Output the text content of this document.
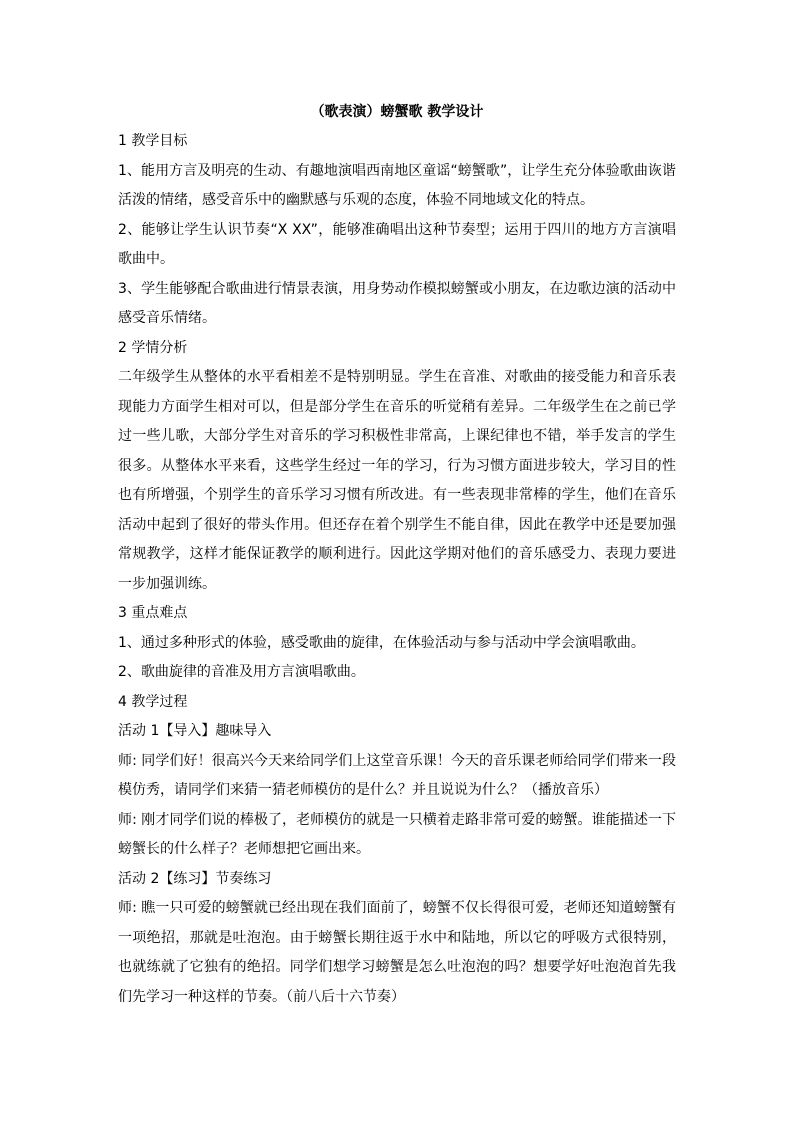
（歌表演）螃蟹歌 教学设计
1 教学目标
1、能用方言及明亮的生动、有趣地演唱西南地区童谣“螃蟹歌”，让学生充分体验歌曲诙谐活泼的情绪，感受音乐中的幽默感与乐观的态度，体验不同地域文化的特点。
2、能够让学生认识节奏“X XX”，能够准确唱出这种节奏型；运用于四川的地方方言演唱歌曲中。
3、学生能够配合歌曲进行情景表演，用身势动作模拟螃蟹或小朋友，在边歌边演的活动中感受音乐情绪。
2 学情分析
二年级学生从整体的水平看相差不是特别明显。学生在音准、对歌曲的接受能力和音乐表现能力方面学生相对可以，但是部分学生在音乐的听觉稍有差异。二年级学生在之前已学过一些儿歌，大部分学生对音乐的学习积极性非常高，上课纪律也不错，举手发言的学生很多。从整体水平来看，这些学生经过一年的学习，行为习惯方面进步较大，学习目的性也有所增强，个别学生的音乐学习习惯有所改进。有一些表现非常棒的学生，他们在音乐活动中起到了很好的带头作用。但还存在着个别学生不能自律，因此在教学中还是要加强常规教学，这样才能保证教学的顺利进行。因此这学期对他们的音乐感受力、表现力要进一步加强训练。
3 重点难点
1、通过多种形式的体验，感受歌曲的旋律，在体验活动与参与活动中学会演唱歌曲。
2、歌曲旋律的音准及用方言演唱歌曲。
4 教学过程
活动 1【导入】趣味导入
师: 同学们好！很高兴今天来给同学们上这堂音乐课！今天的音乐课老师给同学们带来一段模仿秀，请同学们来猜一猜老师模仿的是什么？并且说说为什么？（播放音乐）
师: 刚才同学们说的棒极了，老师模仿的就是一只横着走路非常可爱的螃蟹。谁能描述一下螃蟹长的什么样子？老师想把它画出来。
活动 2【练习】节奏练习
师: 瞧一只可爱的螃蟹就已经出现在我们面前了，螃蟹不仅长得很可爱，老师还知道螃蟹有一项绝招，那就是吐泡泡。由于螃蟹长期往返于水中和陆地，所以它的呼吸方式很特别，也就练就了它独有的绝招。同学们想学习螃蟹是怎么吐泡泡的吗？想要学好吐泡泡首先我们先学习一种这样的节奏。（前八后十六节奏）
